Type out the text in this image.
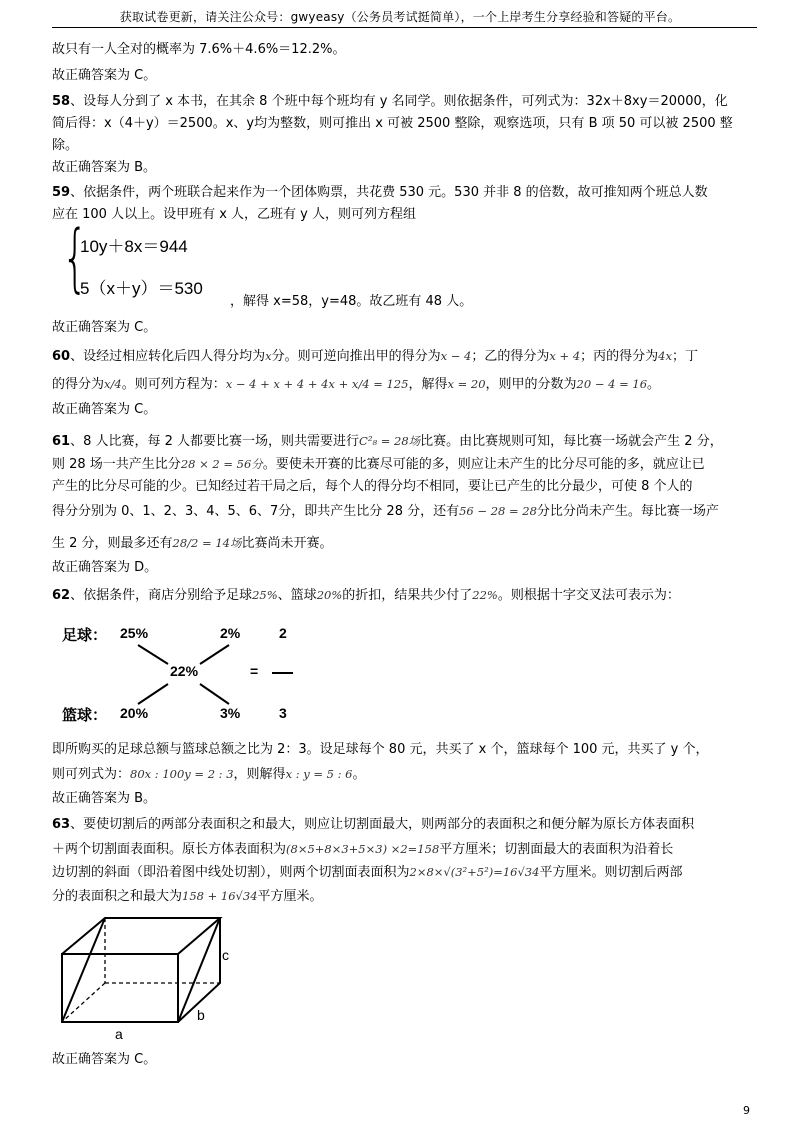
获取试卷更新，请关注公众号：gwyeasy（公务员考试挺简单），一个上岸考生分享经验和答疑的平台。
故只有一人全对的概率为 7.6%＋4.6%＝12.2%。
故正确答案为 C。
58、设每人分到了 x 本书，在其余 8 个班中每个班均有 y 名同学。则依据条件，可列式为：32x＋8xy＝20000，化
简后得：x（4＋y）＝2500。x、y均为整数，则可推出 x 可被 2500 整除，观察选项，只有 B 项 50 可以被 2500 整
除。
故正确答案为 B。
59、依据条件，两个班联合起来作为一个团体购票，共花费 530 元。530 并非 8 的倍数，故可推知两个班总人数
应在 100 人以上。设甲班有 x 人，乙班有 y 人，则可列方程组
{
10y＋8x＝944
5（x＋y）＝530
，解得 x=58，y=48。故乙班有 48 人。
故正确答案为 C。
60、设经过相应转化后四人得分均为x分。则可逆向推出甲的得分为x − 4；乙的得分为x + 4；丙的得分为4x；丁
的得分为x/4。则可列方程为：x − 4 + x + 4 + 4x + x/4 = 125，解得x = 20，则甲的分数为20 − 4 = 16。
故正确答案为 C。
61、8 人比赛，每 2 人都要比赛一场，则共需要进行C²₈ = 28场比赛。由比赛规则可知，每比赛一场就会产生 2 分，
则 28 场一共产生比分28 × 2 = 56分。要使未开赛的比赛尽可能的多，则应让未产生的比分尽可能的多，就应让已
产生的比分尽可能的少。已知经过若干局之后，每个人的得分均不相同，要让已产生的比分最少，可使 8 个人的
得分分别为 0、1、2、3、4、5、6、7分，即共产生比分 28 分，还有56 − 28 = 28分比分尚未产生。每比赛一场产
生 2 分，则最多还有28/2 = 14场比赛尚未开赛。
故正确答案为 D。
62、依据条件，商店分别给予足球25%、篮球20%的折扣，结果共少付了22%。则根据十字交叉法可表示为：
足球： 25%	2%	2
22%	=
篮球： 20%	3%	3
即所购买的足球总额与篮球总额之比为 2：3。设足球每个 80 元，共买了 x 个，篮球每个 100 元，共买了 y 个，
则可列式为：80x : 100y = 2 : 3，则解得x : y = 5 : 6。
故正确答案为 B。
63、要使切割后的两部分表面积之和最大，则应让切割面最大，则两部分的表面积之和便分解为原长方体表面积
＋两个切割面表面积。原长方体表面积为(8×5+8×3+5×3) ×2=158平方厘米；切割面最大的表面积为沿着长
边切割的斜面（即沿着图中线处切割），则两个切割面表面积为2×8×√(3²+5²)=16√34平方厘米。则切割后两部
分的表面积之和最大为158 + 16√34平方厘米。
c
b
a
故正确答案为 C。
9
